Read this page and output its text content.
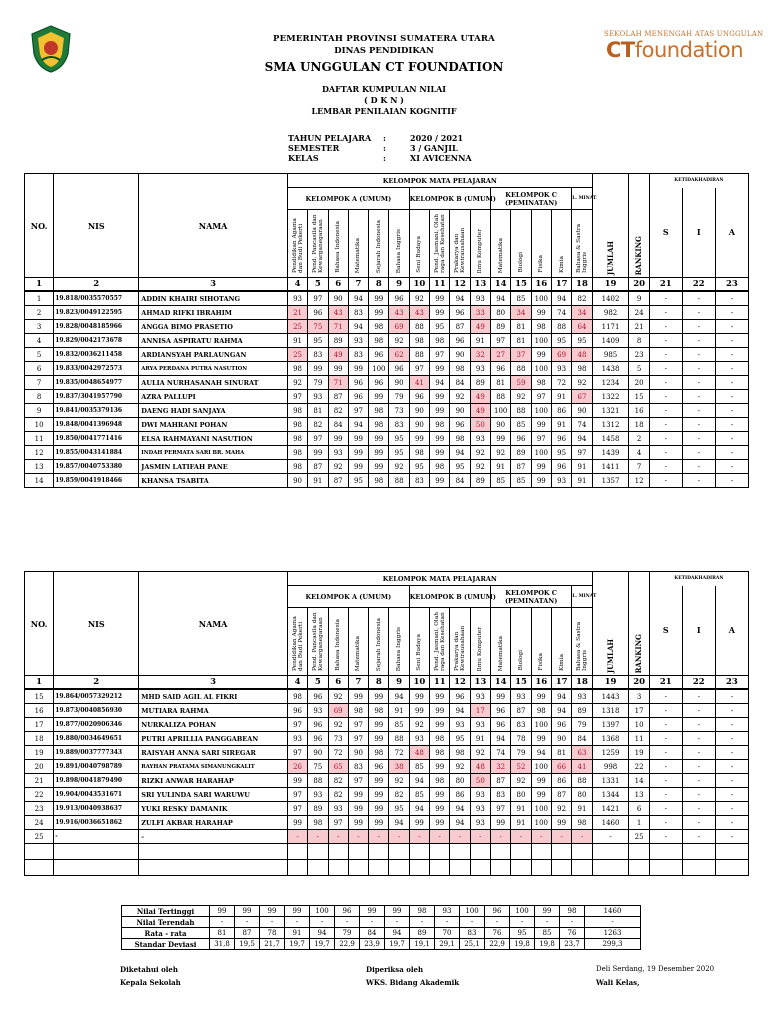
PEMERINTAH PROVINSI SUMATERA UTARA
DINAS PENDIDIKAN
SMA UNGGULAN CT FOUNDATION
SEKOLAH MENENGAH ATAS UNGGULAN
CTfoundation
DAFTAR KUMPULAN NILAI
( D K N )
LEMBAR PENILAIAN KOGNITIF
TAHUN PELAJARA	:	2020 / 2021
SEMESTER	:	3 / GANJIL
KELAS	:	XI AVICENNA
NO.	NIS	NAMA	KELOMPOK MATA PELAJARAN															JUMLAH	RANKING	KETIDAKHADIRAN		
			KELOMPOK A (UMUM)						KELOMPOK B (UMUM)				KELOMPOK C (PEMINATAN)				L. MINAT			S	I	A
			Pendidikan Agama dan Budi Pekerti	Pend. Pancasila dan Kewarganegaraan	Bahasa Indonesia	Matematika	Sejarah Indonesia	Bahasa Inggris	Seni Budaya	Pend. Jasmani, Olah raga dan Kesehatan	Prakarya dan Kewirausahaan	Ilmu Komputer	Matematika	Biologi	Fisika	Kimia	Bahasa & Sastra Inggris					
1	2	3	4	5	6	7	8	9	10	11	12	13	14	15	16	17	18	19	20	21	22	23
1	19.818/0035570557	ADDIN KHAIRI SIHOTANG	93	97	90	94	99	96	92	99	94	93	94	85	100	94	82	1402	9	-	-	-
2	19.823/0049122595	AHMAD RIFKI IBRAHIM	21	96	43	83	99	43	43	99	96	33	80	34	99	74	34	982	24	-	-	-
3	19.828/0048185966	ANGGA BIMO PRASETIO	25	75	71	94	98	69	88	95	87	49	89	81	98	88	64	1171	21	-	-	-
4	19.829/0042173678	ANNISA ASPIRATU RAHMA	91	95	89	93	98	92	98	98	96	91	97	81	100	95	95	1409	8	-	-	-
5	19.832/0036211458	ARDIANSYAH PARLAUNGAN	25	83	49	83	96	62	88	97	90	32	27	37	99	69	48	985	23	-	-	-
6	19.833/0042972573	ARYA PERDANA PUTRA NASUTION	98	99	99	99	100	96	97	99	98	93	96	88	100	93	98	1438	5	-	-	-
7	19.835/0048654977	AULIA NURHASANAH SINURAT	92	79	71	96	96	90	41	94	84	89	81	59	98	72	92	1234	20	-	-	-
8	19.837/3041957790	AZRA PALLUPI	97	93	87	96	99	79	96	99	92	49	88	92	97	91	67	1322	15	-	-	-
9	19.841/0035379136	DAENG HADI SANJAYA	98	81	82	97	98	73	90	99	90	49	100	88	100	86	90	1321	16	-	-	-
10	19.848/0041396948	DWI MAHRANI POHAN	98	82	84	94	98	83	90	98	96	50	90	85	99	91	74	1312	18	-	-	-
11	19.850/0041771416	ELSA RAHMAYANI NASUTION	98	97	99	99	99	95	99	99	98	93	99	96	97	96	94	1458	2	-	-	-
12	19.855/0043141884	INDAH PERMATA SARI BR. MAHA	98	99	93	99	99	95	98	99	94	92	92	89	100	95	97	1439	4	-	-	-
13	19.857/0040753380	JASMIN LATIFAH PANE	98	87	92	99	99	92	95	98	95	92	91	87	99	96	91	1411	7	-	-	-
14	19.859/0041918466	KHANSA TSABITA	90	91	87	95	98	88	83	99	84	89	85	85	99	93	91	1357	12	-	-	-
NO.	NIS	NAMA	KELOMPOK MATA PELAJARAN															JUMLAH	RANKING	KETIDAKHADIRAN		
			KELOMPOK A (UMUM)						KELOMPOK B (UMUM)				KELOMPOK C (PEMINATAN)				L. MINAT			S	I	A
			Pendidikan Agama dan Budi Pekerti	Pend. Pancasila dan Kewarganegaraan	Bahasa Indonesia	Matematika	Sejarah Indonesia	Bahasa Inggris	Seni Budaya	Pend. Jasmani, Olah raga dan Kesehatan	Prakarya dan Kewirausahaan	Ilmu Komputer	Matematika	Biologi	Fisika	Kimia	Bahasa & Sastra Inggris					
1	2	3	4	5	6	7	8	9	10	11	12	13	14	15	16	17	18	19	20	21	22	23
15	19.864/0057329212	MHD SAID AGIL AL FIKRI	98	96	92	99	99	94	99	99	96	93	99	93	99	94	93	1443	3	-	-	-
16	19.873/0040856930	MUTIARA RAHMA	96	93	69	98	98	91	99	99	94	17	96	87	98	94	89	1318	17	-	-	-
17	19.877/0020906346	NURKALIZA POHAN	97	96	92	97	99	85	92	99	93	93	96	83	100	96	79	1397	10	-	-	-
18	19.880/0034649651	PUTRI APRILLIA PANGGABEAN	93	96	73	97	99	88	93	98	95	91	94	78	99	90	84	1368	11	-	-	-
19	19.889/0037777343	RAISYAH ANNA SARI SIREGAR	97	90	72	90	98	72	48	98	98	92	74	79	94	81	63	1259	19	-	-	-
20	19.891/0040798789	RAYHAN PRATAMA SIMANUNGKALIT	26	75	65	83	96	38	85	99	92	48	32	52	100	66	41	998	22	-	-	-
21	19.898/0041879490	RIZKI ANWAR HARAHAP	99	88	82	97	99	92	94	98	80	50	87	92	99	86	88	1331	14	-	-	-
22	19.904/0043531671	SRI YULINDA SARI WARUWU	97	93	82	99	99	82	85	99	86	93	83	80	99	87	80	1344	13	-	-	-
23	19.913/0040938637	YUKI RESKY DAMANIK	97	89	93	99	99	95	94	99	94	93	97	91	100	92	91	1421	6	-	-	-
24	19.916/0036651862	ZULFI AKBAR HARAHAP	99	98	97	99	99	94	99	99	94	93	99	91	100	99	98	1460	1	-	-	-
25	-	-	-	-	-	-	-	-	-	-	-	-	-	-	-	-	-	-	25	-	-	-

Nilai Tertinggi	99	99	99	99	100	96	99	99	98	93	100	96	100	99	98	1460
Nilai Terendah	-	-	-	-	-	-	-	-	-	-	-	-	-	-	-	-
Rata - rata	81	87	78	91	94	79	84	94	89	70	83	76	95	85	76	1263
Standar Deviasi	31,8	19,5	21,7	19,7	19,7	22,9	23,9	19,7	19,1	29,1	25,1	22,9	19,8	19,8	23,7	299,3
Diketahui oleh
Kepala Sekolah
Diperiksa oleh
WKS. Bidang Akademik
Deli Serdang, 19 Desember 2020
Wali Kelas,
